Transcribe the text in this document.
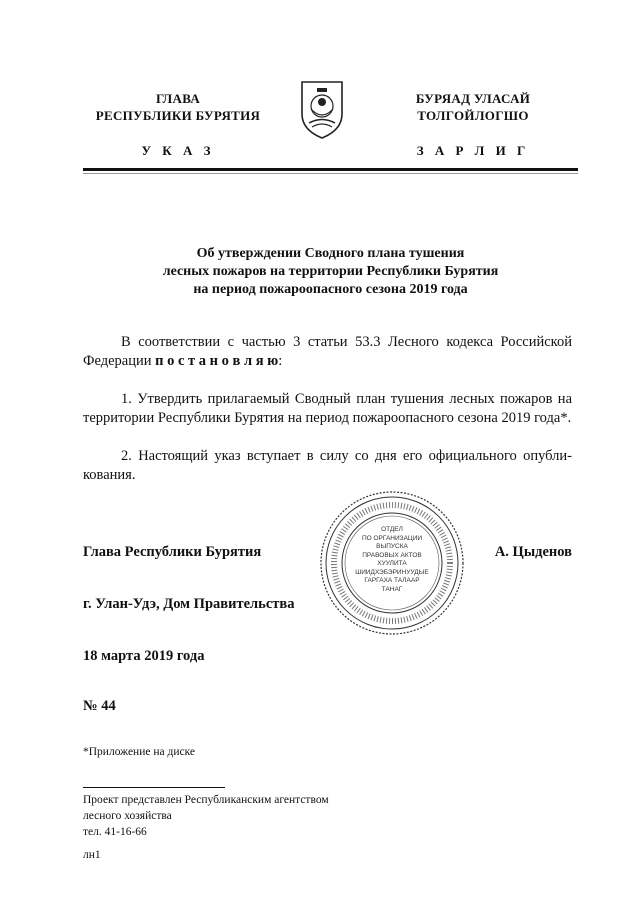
ГЛАВА
РЕСПУБЛИКИ БУРЯТИЯ
У К А З
БУРЯАД УЛАСАЙ
ТОЛГОЙЛОГШО
З А Р Л И Г
Об утверждении Сводного плана тушения
лесных пожаров на территории Республики Бурятия
на период пожароопасного сезона 2019 года

В соответствии с частью 3 статьи 53.3 Лесного кодекса Российской Федерации п о с т а н о в л я ю:

1. Утвердить прилагаемый Сводный план тушения лесных пожаров на территории Республики Бурятия на период пожароопасного сезона 2019 года*.

2. Настоящий указ вступает в силу со дня его официального опубли-кования.

ОТДЕЛ
ПО ОРГАНИЗАЦИИ
ВЫПУСКА
ПРАВОВЫХ АКТОВ
ХУУЛИТА
ШИИДХЭБЭРИНУУДЫЕ
ГАРГАХА ТАЛААР
ТАНАГ
Глава Республики Бурятия	А. Цыденов
г. Улан-Удэ, Дом Правительства
18 марта 2019 года
№ 44
*Приложение на диске
Проект представлен Республиканским агентством
лесного хозяйства
тел. 41-16-66
лн1
